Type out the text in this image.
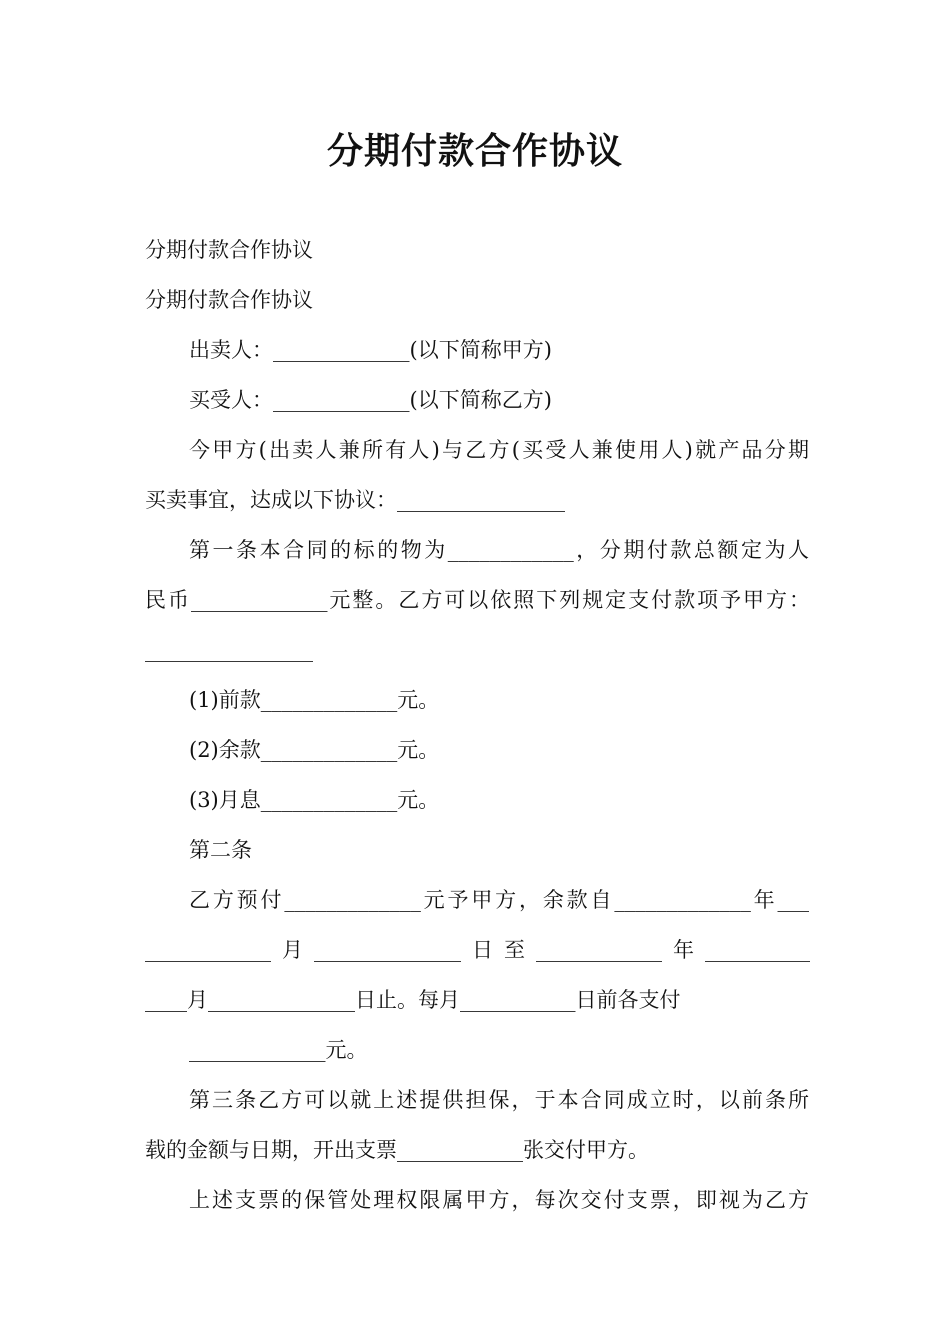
分期付款合作协议
分期付款合作协议
分期付款合作协议
出卖人：_____________(以下简称甲方)
买受人：_____________(以下简称乙方)
今甲方(出卖人兼所有人)与乙方(买受人兼使用人)就产品分期
买卖事宜，达成以下协议：________________
第一条本合同的标的物为____________，分期付款总额定为人
民币_____________元整。乙方可以依照下列规定支付款项予甲方：
________________
(1)前款_____________元。
(2)余款_____________元。
(3)月息_____________元。
第二条
乙方预付_____________元予甲方，余款自_____________年___
____________月______________日至____________年__________
____月______________日止。每月___________日前各支付
_____________元。
第三条乙方可以就上述提供担保，于本合同成立时，以前条所
载的金额与日期，开出支票____________张交付甲方。
上述支票的保管处理权限属甲方，每次交付支票，即视为乙方
